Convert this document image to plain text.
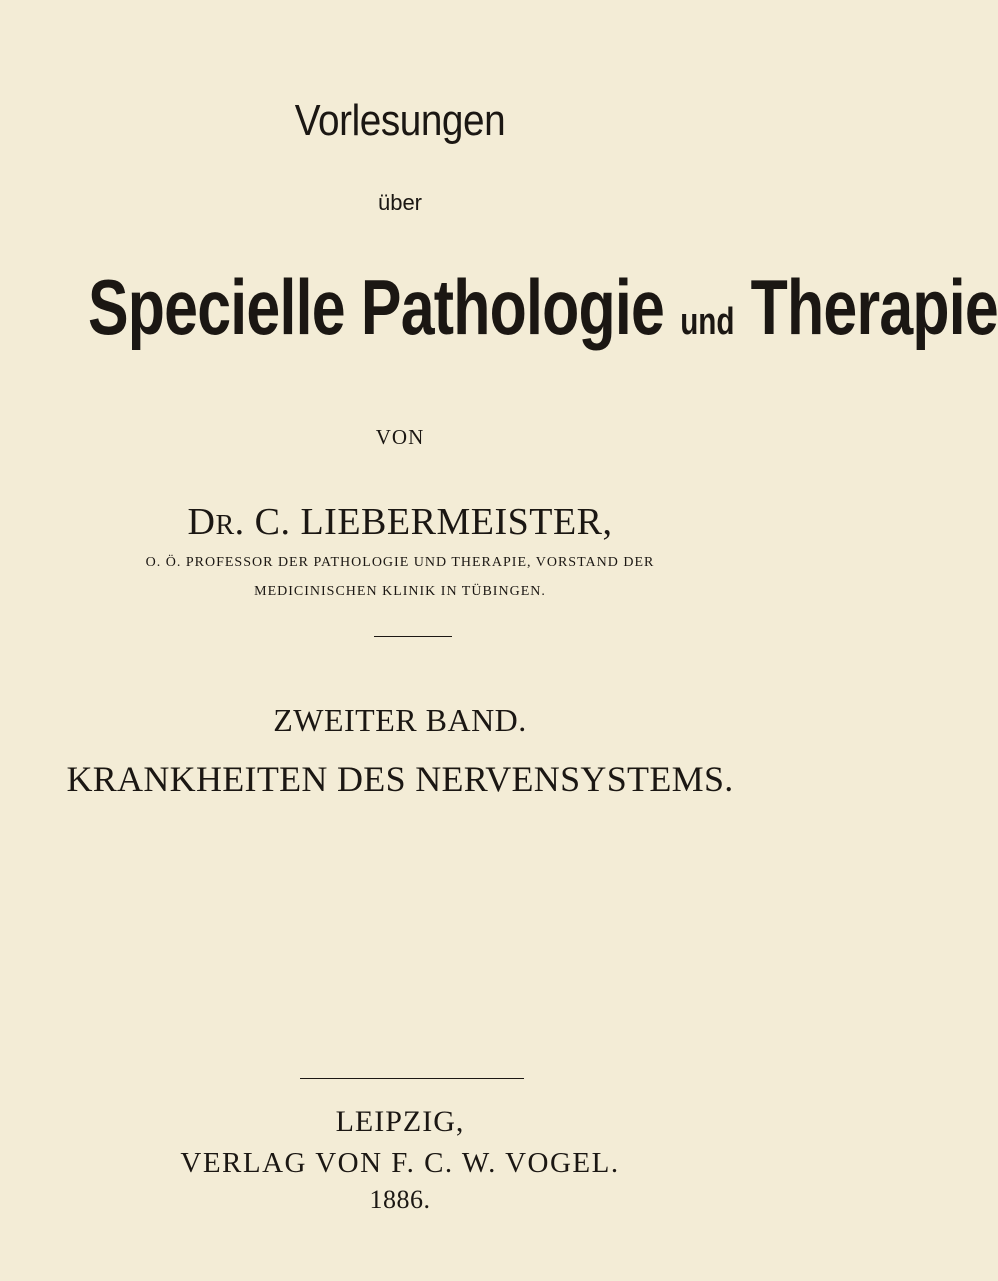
Vorlesungen
über
Specielle Pathologie und Therapie
VON
DR. C. LIEBERMEISTER,
O. Ö. PROFESSOR DER PATHOLOGIE UND THERAPIE, VORSTAND DER
MEDICINISCHEN KLINIK IN TÜBINGEN.
ZWEITER BAND.
KRANKHEITEN DES NERVENSYSTEMS.
LEIPZIG,
VERLAG VON F. C. W. VOGEL.
1886.
